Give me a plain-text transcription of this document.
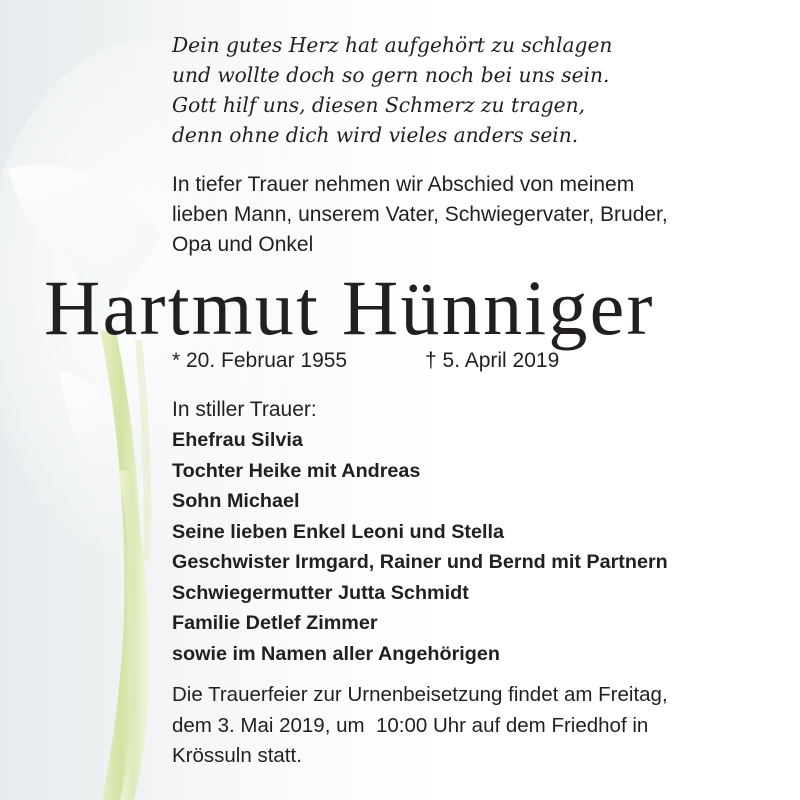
Dein gutes Herz hat aufgehört zu schlagen
und wollte doch so gern noch bei uns sein.
Gott hilf uns, diesen Schmerz zu tragen,
denn ohne dich wird vieles anders sein.
In tiefer Trauer nehmen wir Abschied von meinem
lieben Mann, unserem Vater, Schwiegervater, Bruder,
Opa und Onkel
Hartmut Hünniger
* 20. Februar 1955	† 5. April 2019
In stiller Trauer:
Ehefrau Silvia
Tochter Heike mit Andreas
Sohn Michael
Seine lieben Enkel Leoni und Stella
Geschwister Irmgard, Rainer und Bernd mit Partnern
Schwiegermutter Jutta Schmidt
Familie Detlef Zimmer
sowie im Namen aller Angehörigen
Die Trauerfeier zur Urnenbeisetzung findet am Freitag,
dem 3. Mai 2019, um  10:00 Uhr auf dem Friedhof in
Krössuln statt.
